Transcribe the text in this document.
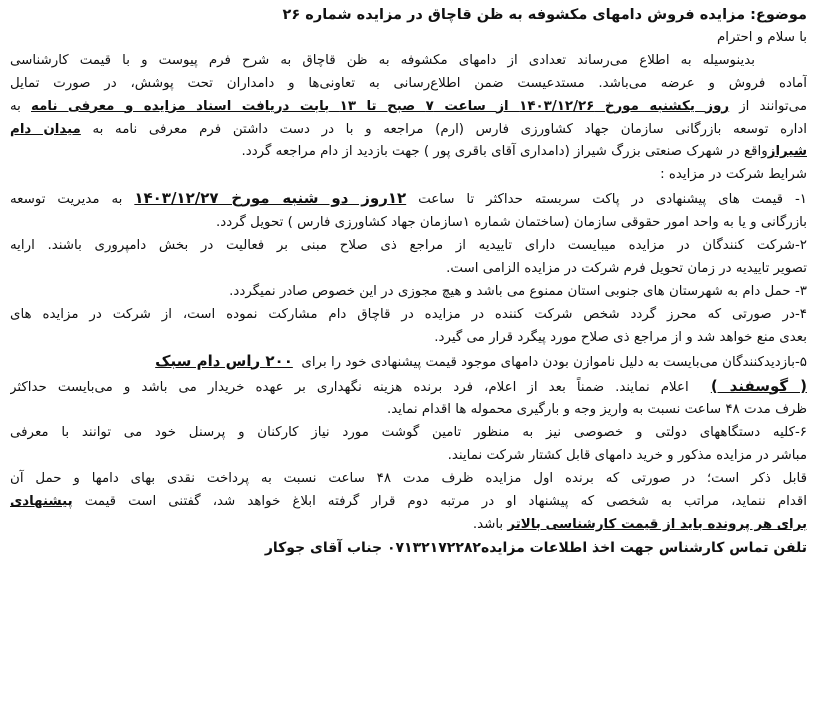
موضوع: مزایده فروش دامهای مکشوفه به ظن قاچاق در مزایده شماره ۲۶
با سلام و احترام
بدینوسیله به اطلاع می‌رساند تعدادی از دامهای مکشوفه به ظن قاچاق به شرح فرم پیوست و با قیمت کارشناسی
آماده فروش و عرضه می‌باشد. مستدعیست ضمن اطلاع‌رسانی به تعاونی‌ها و دامداران تحت پوشش، در صورت تمایل
می‌توانند از روز یکشنبه مورخ ۱۴۰۳/۱۲/۲۶ از ساعت ۷ صبح تا ۱۳ بابت دریافت اسناد مزایده و معرفی نامه به
اداره توسعه بازرگانی سازمان جهاد کشاورزی فارس (ارم) مراجعه و با در دست داشتن فرم معرفی نامه به میدان دام
شیرازواقع در شهرک صنعتی بزرگ شیراز (دامداری آقای باقری پور ) جهت بازدید از دام مراجعه گردد.
شرایط شرکت در مزایده :
۱- قیمت های پیشنهادی در پاکت سربسته حداکثر تا ساعت ۱۲روز دو شنبه مورخ ۱۴۰۳/۱۲/۲۷ به مدیریت توسعه
بازرگانی و یا به واحد امور حقوقی سازمان (ساختمان شماره ۱سازمان جهاد کشاورزی فارس ) تحویل گردد.
۲-شرکت کنندگان در مزایده میبایست دارای تاییدیه از مراجع ذی صلاح مبنی بر فعالیت در بخش دامپروری باشند. ارایه
تصویر تاییدیه در زمان تحویل فرم شرکت در مزایده الزامی است.
۳- حمل دام به شهرستان های جنوبی استان ممنوع می باشد و هیچ مجوزی در این خصوص صادر نمیگردد.
۴-در صورتی که محرز گردد شخص شرکت کننده در مزایده در قاچاق دام مشارکت نموده است، از شرکت در مزایده های
بعدی منع خواهد شد و از مراجع ذی صلاح مورد پیگرد قرار می گیرد.
۵-بازدیدکنندگان می‌بایست به دلیل ناموازن بودن دامهای موجود قیمت پیشنهادی خود را برای  ۲۰۰ راس دام سبک
( گوسفند )  اعلام نمایند. ضمناً بعد از اعلام، فرد برنده هزینه نگهداری بر عهده خریدار می باشد و می‌بایست حداکثر
ظرف مدت ۴۸ ساعت نسبت به واریز وجه و بارگیری محموله ها اقدام نماید.
۶-کلیه دستگاههای دولتی و خصوصی نیز به منظور تامین گوشت مورد نیاز کارکنان و پرسنل خود می توانند با معرفی
مباشر در مزایده مذکور و خرید دامهای قابل کشتار شرکت نمایند.
قابل ذکر است؛ در صورتی که برنده اول مزایده ظرف مدت ۴۸ ساعت نسبت به پرداخت نقدی بهای دامها و حمل آن
اقدام ننماید، مراتب به شخصی که پیشنهاد او در مرتبه دوم قرار گرفته ابلاغ خواهد شد، گفتنی است قیمت پیشنهادی
برای هر پرونده باید از قیمت کارشناسی بالاتر باشد.
تلفن تماس کارشناس جهت اخذ اطلاعات مزایده۰۷۱۳۲۱۷۲۲۸۲ جناب آقای جوکار
